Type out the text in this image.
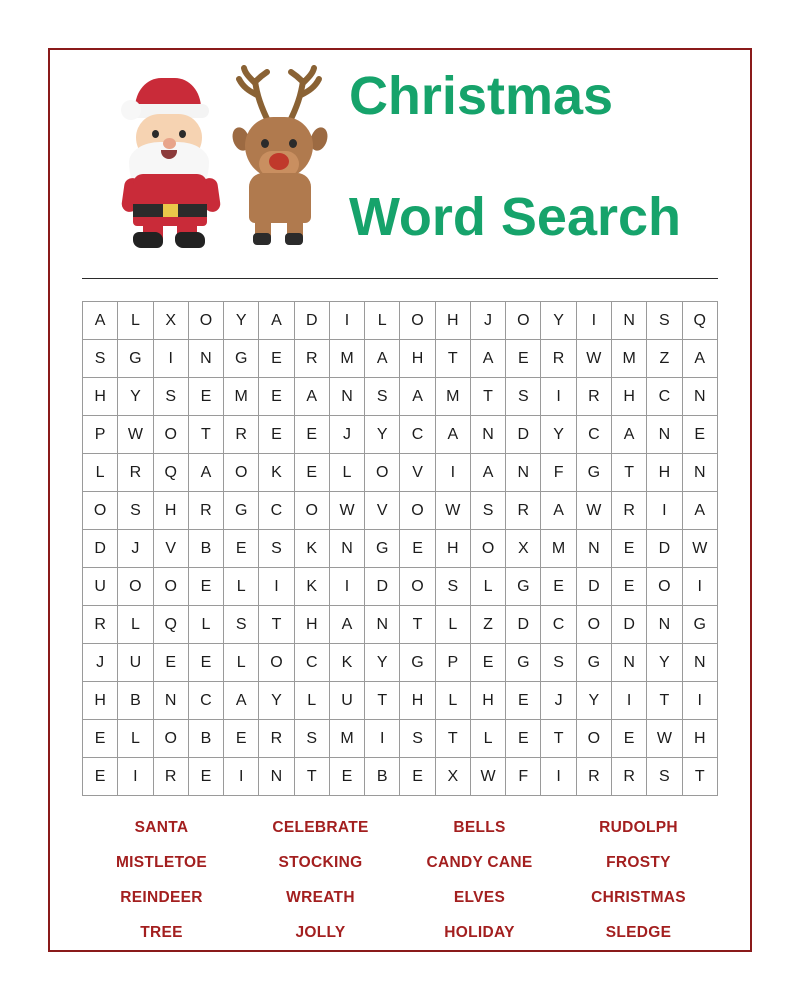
Christmas

Word Search

A	L	X	O	Y	A	D	I	L	O	H	J	O	Y	I	N	S	Q
S	G	I	N	G	E	R	M	A	H	T	A	E	R	W	M	Z	A
H	Y	S	E	M	E	A	N	S	A	M	T	S	I	R	H	C	N
P	W	O	T	R	E	E	J	Y	C	A	N	D	Y	C	A	N	E
L	R	Q	A	O	K	E	L	O	V	I	A	N	F	G	T	H	N
O	S	H	R	G	C	O	W	V	O	W	S	R	A	W	R	I	A
D	J	V	B	E	S	K	N	G	E	H	O	X	M	N	E	D	W
U	O	O	E	L	I	K	I	D	O	S	L	G	E	D	E	O	I
R	L	Q	L	S	T	H	A	N	T	L	Z	D	C	O	D	N	G
J	U	E	E	L	O	C	K	Y	G	P	E	G	S	G	N	Y	N
H	B	N	C	A	Y	L	U	T	H	L	H	E	J	Y	I	T	I
E	L	O	B	E	R	S	M	I	S	T	L	E	T	O	E	W	H
E	I	R	E	I	N	T	E	B	E	X	W	F	I	R	R	S	T
SANTA	CELEBRATE	BELLS	RUDOLPH
MISTLETOE	STOCKING	CANDY CANE	FROSTY
REINDEER	WREATH	ELVES	CHRISTMAS
TREE	JOLLY	HOLIDAY	SLEDGE
